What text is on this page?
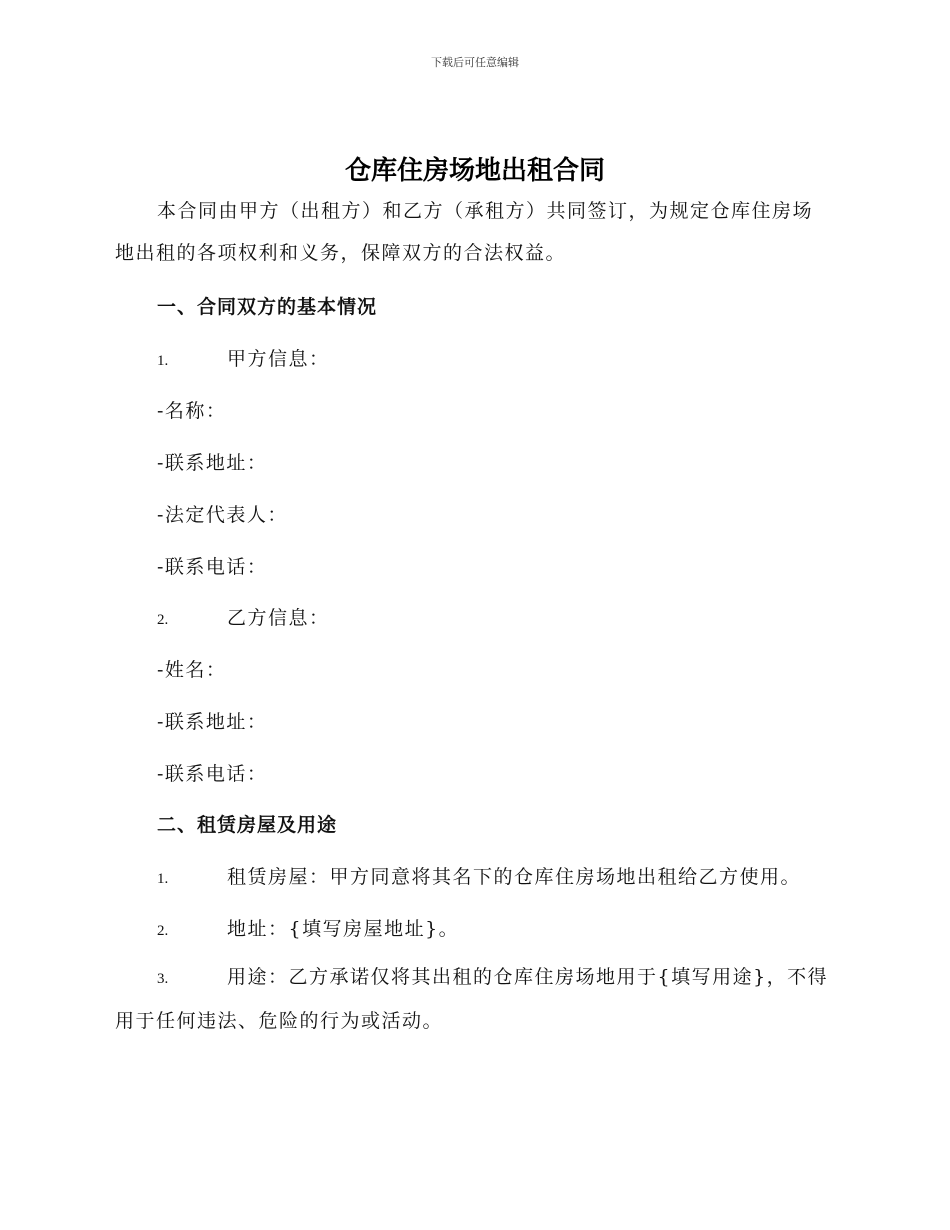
下载后可任意编辑
仓库住房场地出租合同

本合同由甲方（出租方）和乙方（承租方）共同签订，为规定仓库住房场地出租的各项权利和义务，保障双方的合法权益。

一、合同双方的基本情况
1.	甲方信息：
-名称：
-联系地址：
-法定代表人：
-联系电话：
2.	乙方信息：
-姓名：
-联系地址：
-联系电话：
二、租赁房屋及用途
1.	租赁房屋：甲方同意将其名下的仓库住房场地出租给乙方使用。
2.	地址：{填写房屋地址}。

3.	用途：乙方承诺仅将其出租的仓库住房场地用于{填写用途}，不得用于任何违法、危险的行为或活动。
